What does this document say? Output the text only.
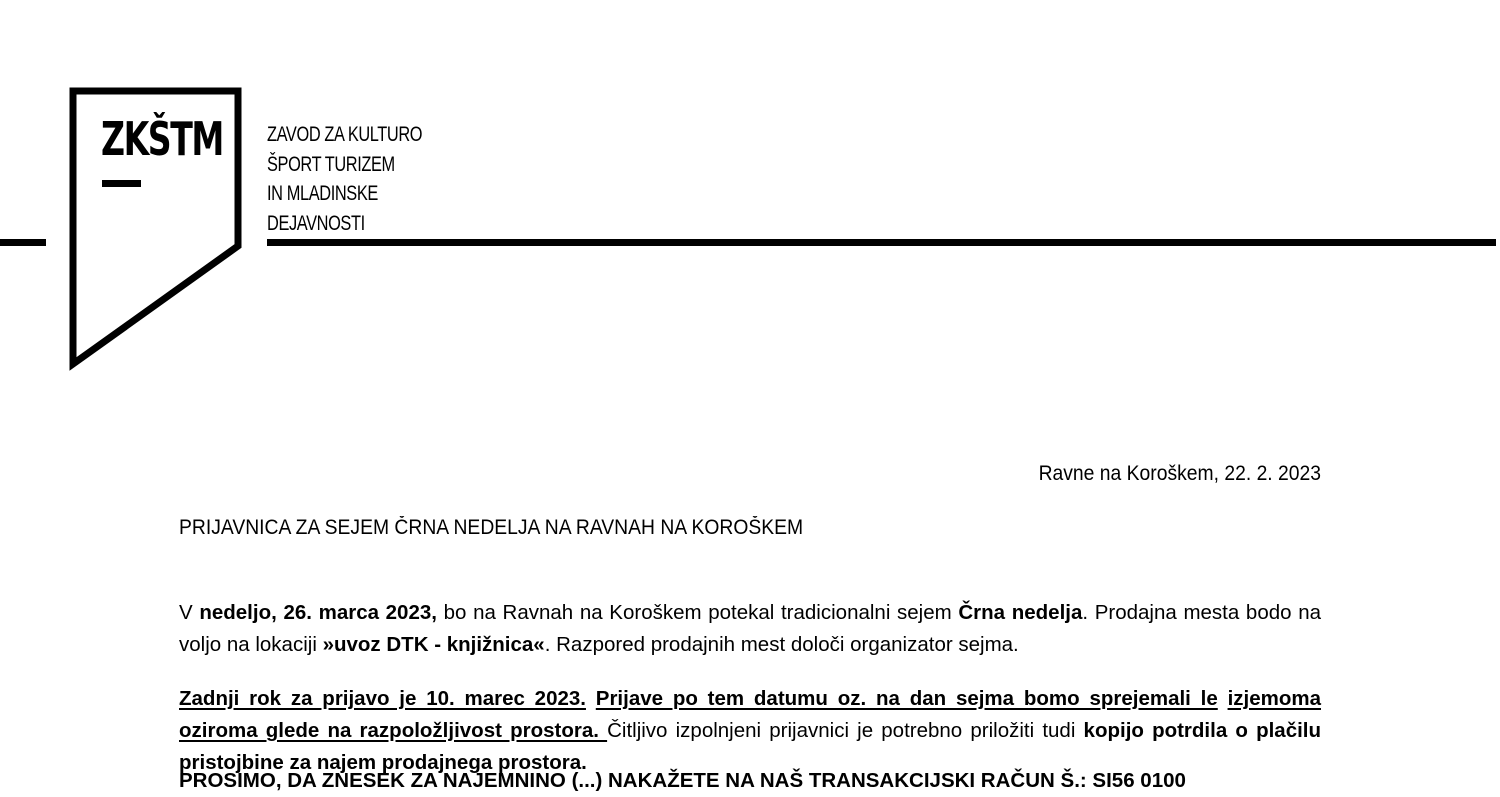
ZKŠTM ZAVOD ZA KULTURO
ŠPORT TURIZEM
IN MLADINSKE
DEJAVNOSTI
Ravne na Koroškem, 22. 2. 2023
PRIJAVNICA ZA SEJEM ČRNA NEDELJA NA RAVNAH NA KOROŠKEM
V nedeljo, 26. marca 2023, bo na Ravnah na Koroškem potekal tradicionalni sejem Črna nedelja. Prodajna mesta bodo na voljo na lokaciji »uvoz DTK - knjižnica«. Razpored prodajnih mest določi organizator sejma.
Zadnji rok za prijavo je 10. marec 2023. Prijave po tem datumu oz. na dan sejma bomo sprejemali le izjemoma oziroma glede na razpoložljivost prostora. Čitljivo izpolnjeni prijavnici je potrebno priložiti tudi kopijo potrdila o plačilu pristojbine za najem prodajnega prostora.
PROSIMO, DA ZNESEK ZA NAJEMNINO (...) NAKAŽETE NA NAŠ TRANSAKCIJSKI RAČUN Š.: SI56 0100
